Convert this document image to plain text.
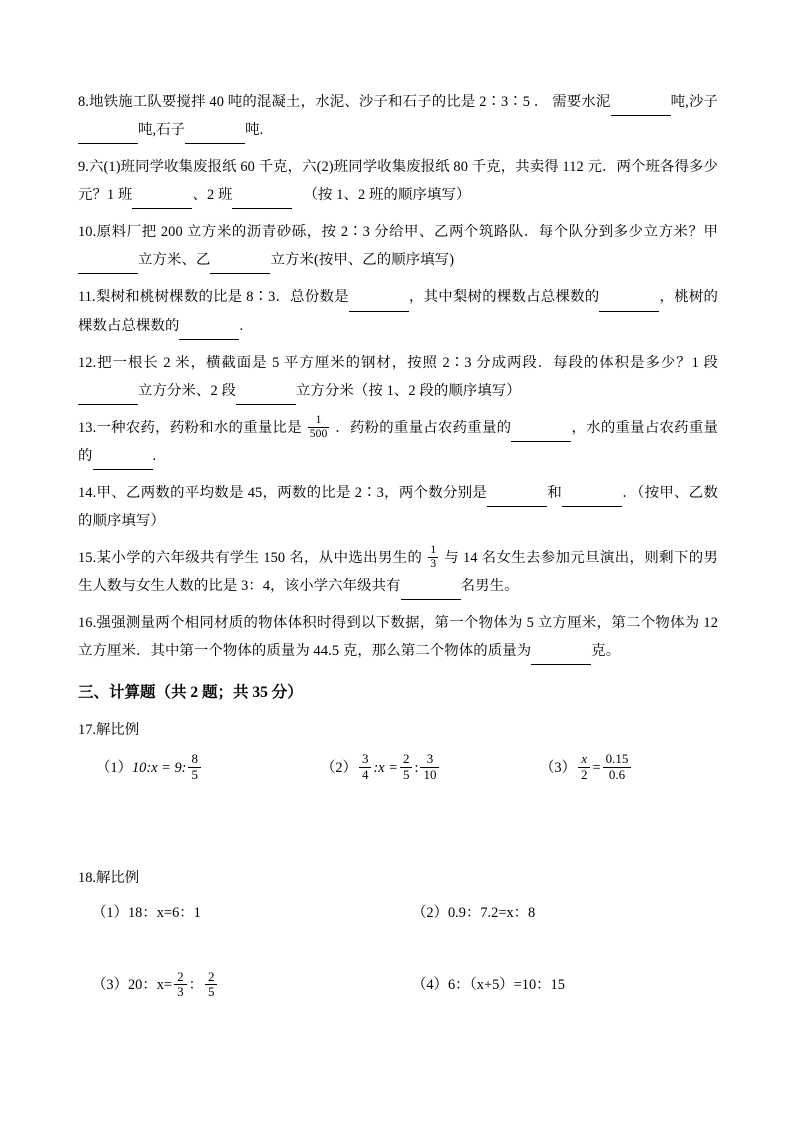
8.地铁施工队要搅拌 40 吨的混凝土，水泥、沙子和石子的比是 2∶3∶5 ． 需要水泥	吨,沙子吨,石子	吨.
9.六(1)班同学收集废报纸 60 千克，六(2)班同学收集废报纸 80 千克，共卖得 112 元．两个班各得多少元？1 班	、2 班	（按 1、2 班的顺序填写）
10.原料厂把 200 立方米的沥青砂砾，按 2∶3 分给甲、乙两个筑路队．每个队分到多少立方米？甲立方米、乙	立方米(按甲、乙的顺序填写)
11.梨树和桃树棵数的比是 8∶3．总份数是	，其中梨树的棵数占总棵数的	，桃树的棵数占总棵数的	.
12.把一根长 2 米，横截面是 5 平方厘米的钢材，按照 2∶3 分成两段．每段的体积是多少？1 段立方分米、2 段	立方分米（按 1、2 段的顺序填写）
13.一种农药，药粉和水的重量比是 $\frac{1}{500}$ ．药粉的重量占农药重量的	，水的重量占农药重量的	.
14.甲、乙两数的平均数是 45，两数的比是 2∶3，两个数分别是	和	．（按甲、乙数的顺序填写）
15.某小学的六年级共有学生 150 名，从中选出男生的 $\frac{1}{3}$ 与 14 名女生去参加元旦演出，则剩下的男生人数与女生人数的比是 3：4，该小学六年级共有	名男生。
16.强强测量两个相同材质的物体体积时得到以下数据，第一个物体为 5 立方厘米，第二个物体为 12 立方厘米．其中第一个物体的质量为 44.5 克，那么第二个物体的质量为	克。
三、计算题（共 2 题；共 35 分）
17.解比例
（1）10:x = 9: $\frac{8}{5}$	$(2) \frac{3}{4}$ :x = $\frac{2}{5}$ : $\frac{3}{10}$	$(3) \frac{x}{2} = \frac{0.15}{0.6}$
18.解比例
（1）18：x=6：1	（2）0.9：7.2=x：8
（3）20：$x= \frac{2}{3}$ ： $\frac{2}{5}$	（4）6：（x+5）=10：15
